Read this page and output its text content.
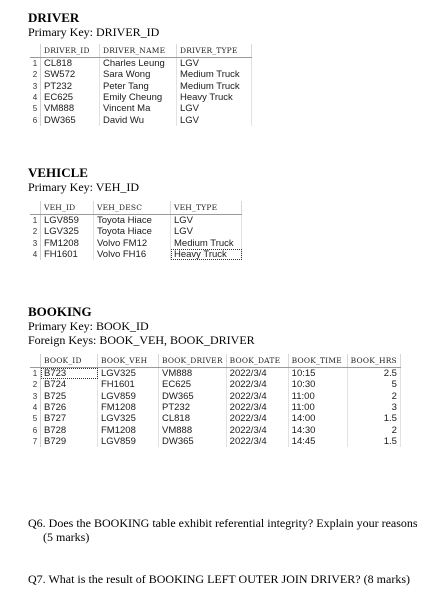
DRIVER
Primary Key: DRIVER_ID
	DRIVER_ID	DRIVER_NAME	DRIVER_TYPE
1	CL818	Charles Leung	LGV
2	SW572	Sara Wong	Medium Truck
3	PT232	Peter Tang	Medium Truck
4	EC625	Emily Cheung	Heavy Truck
5	VM888	Vincent Ma	LGV
6	DW365	David Wu	LGV
VEHICLE
Primary Key: VEH_ID
	VEH_ID	VEH_DESC	VEH_TYPE
1	LGV859	Toyota Hiace	LGV
2	LGV325	Toyota Hiace	LGV
3	FM1208	Volvo FM12	Medium Truck
4	FH1601	Volvo FH16	Heavy Truck
BOOKING
Primary Key: BOOK_ID
Foreign Keys: BOOK_VEH, BOOK_DRIVER
	BOOK_ID	BOOK_VEH	BOOK_DRIVER	BOOK_DATE	BOOK_TIME	BOOK_HRS
1	B723	LGV325	VM888	2022/3/4	10:15	2.5
2	B724	FH1601	EC625	2022/3/4	10:30	5
3	B725	LGV859	DW365	2022/3/4	11:00	2
4	B726	FM1208	PT232	2022/3/4	11:00	3
5	B727	LGV325	CL818	2022/3/4	14:00	1.5
6	B728	FM1208	VM888	2022/3/4	14:30	2
7	B729	LGV859	DW365	2022/3/4	14:45	1.5
Q6. Does the BOOKING table exhibit referential integrity? Explain your reasons
(5 marks)
Q7. What is the result of BOOKING LEFT OUTER JOIN DRIVER? (8 marks)
